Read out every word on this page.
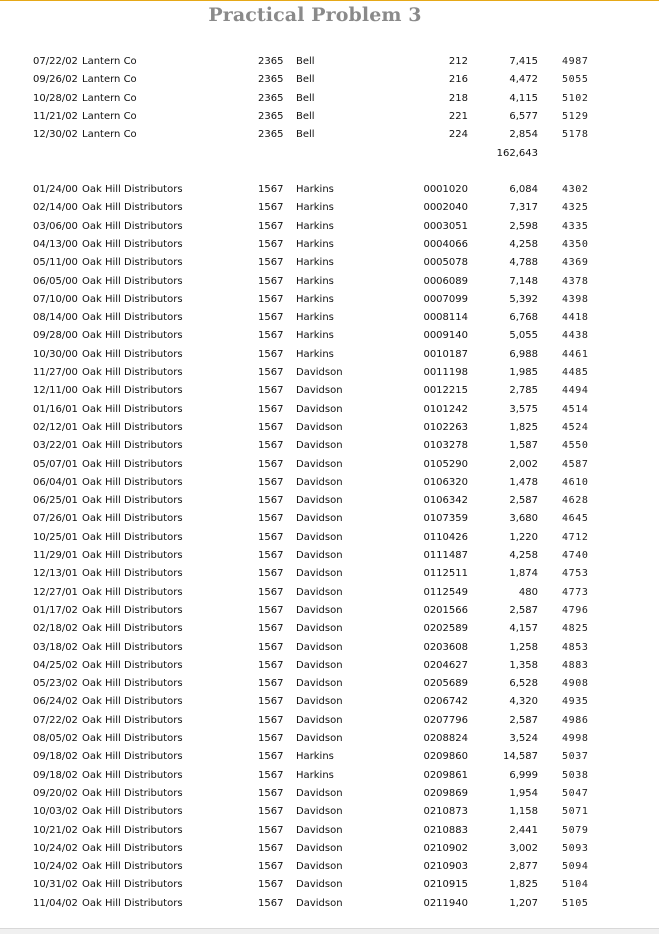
Practical Problem 3
07/22/02 Lantern Co	2365 Bell	212	7,415 4987
09/26/02 Lantern Co	2365 Bell	216	4,472 5055
10/28/02 Lantern Co	2365 Bell	218	4,115 5102
11/21/02 Lantern Co	2365 Bell	221	6,577 5129
12/30/02 Lantern Co	2365 Bell	224	2,854 5178
162,643
01/24/00 Oak Hill Distributors	1567 Harkins	0001020	6,084 4302
02/14/00 Oak Hill Distributors	1567 Harkins	0002040	7,317 4325
03/06/00 Oak Hill Distributors	1567 Harkins	0003051	2,598 4335
04/13/00 Oak Hill Distributors	1567 Harkins	0004066	4,258 4350
05/11/00 Oak Hill Distributors	1567 Harkins	0005078	4,788 4369
06/05/00 Oak Hill Distributors	1567 Harkins	0006089	7,148 4378
07/10/00 Oak Hill Distributors	1567 Harkins	0007099	5,392 4398
08/14/00 Oak Hill Distributors	1567 Harkins	0008114	6,768 4418
09/28/00 Oak Hill Distributors	1567 Harkins	0009140	5,055 4438
10/30/00 Oak Hill Distributors	1567 Harkins	0010187	6,988 4461
11/27/00 Oak Hill Distributors	1567 Davidson	0011198	1,985 4485
12/11/00 Oak Hill Distributors	1567 Davidson	0012215	2,785 4494
01/16/01 Oak Hill Distributors	1567 Davidson	0101242	3,575 4514
02/12/01 Oak Hill Distributors	1567 Davidson	0102263	1,825 4524
03/22/01 Oak Hill Distributors	1567 Davidson	0103278	1,587 4550
05/07/01 Oak Hill Distributors	1567 Davidson	0105290	2,002 4587
06/04/01 Oak Hill Distributors	1567 Davidson	0106320	1,478 4610
06/25/01 Oak Hill Distributors	1567 Davidson	0106342	2,587 4628
07/26/01 Oak Hill Distributors	1567 Davidson	0107359	3,680 4645
10/25/01 Oak Hill Distributors	1567 Davidson	0110426	1,220 4712
11/29/01 Oak Hill Distributors	1567 Davidson	0111487	4,258 4740
12/13/01 Oak Hill Distributors	1567 Davidson	0112511	1,874 4753
12/27/01 Oak Hill Distributors	1567 Davidson	0112549	480 4773
01/17/02 Oak Hill Distributors	1567 Davidson	0201566	2,587 4796
02/18/02 Oak Hill Distributors	1567 Davidson	0202589	4,157 4825
03/18/02 Oak Hill Distributors	1567 Davidson	0203608	1,258 4853
04/25/02 Oak Hill Distributors	1567 Davidson	0204627	1,358 4883
05/23/02 Oak Hill Distributors	1567 Davidson	0205689	6,528 4908
06/24/02 Oak Hill Distributors	1567 Davidson	0206742	4,320 4935
07/22/02 Oak Hill Distributors	1567 Davidson	0207796	2,587 4986
08/05/02 Oak Hill Distributors	1567 Davidson	0208824	3,524 4998
09/18/02 Oak Hill Distributors	1567 Harkins	0209860	14,587 5037
09/18/02 Oak Hill Distributors	1567 Harkins	0209861	6,999 5038
09/20/02 Oak Hill Distributors	1567 Davidson	0209869	1,954 5047
10/03/02 Oak Hill Distributors	1567 Davidson	0210873	1,158 5071
10/21/02 Oak Hill Distributors	1567 Davidson	0210883	2,441 5079
10/24/02 Oak Hill Distributors	1567 Davidson	0210902	3,002 5093
10/24/02 Oak Hill Distributors	1567 Davidson	0210903	2,877 5094
10/31/02 Oak Hill Distributors	1567 Davidson	0210915	1,825 5104
11/04/02 Oak Hill Distributors	1567 Davidson	0211940	1,207 5105
